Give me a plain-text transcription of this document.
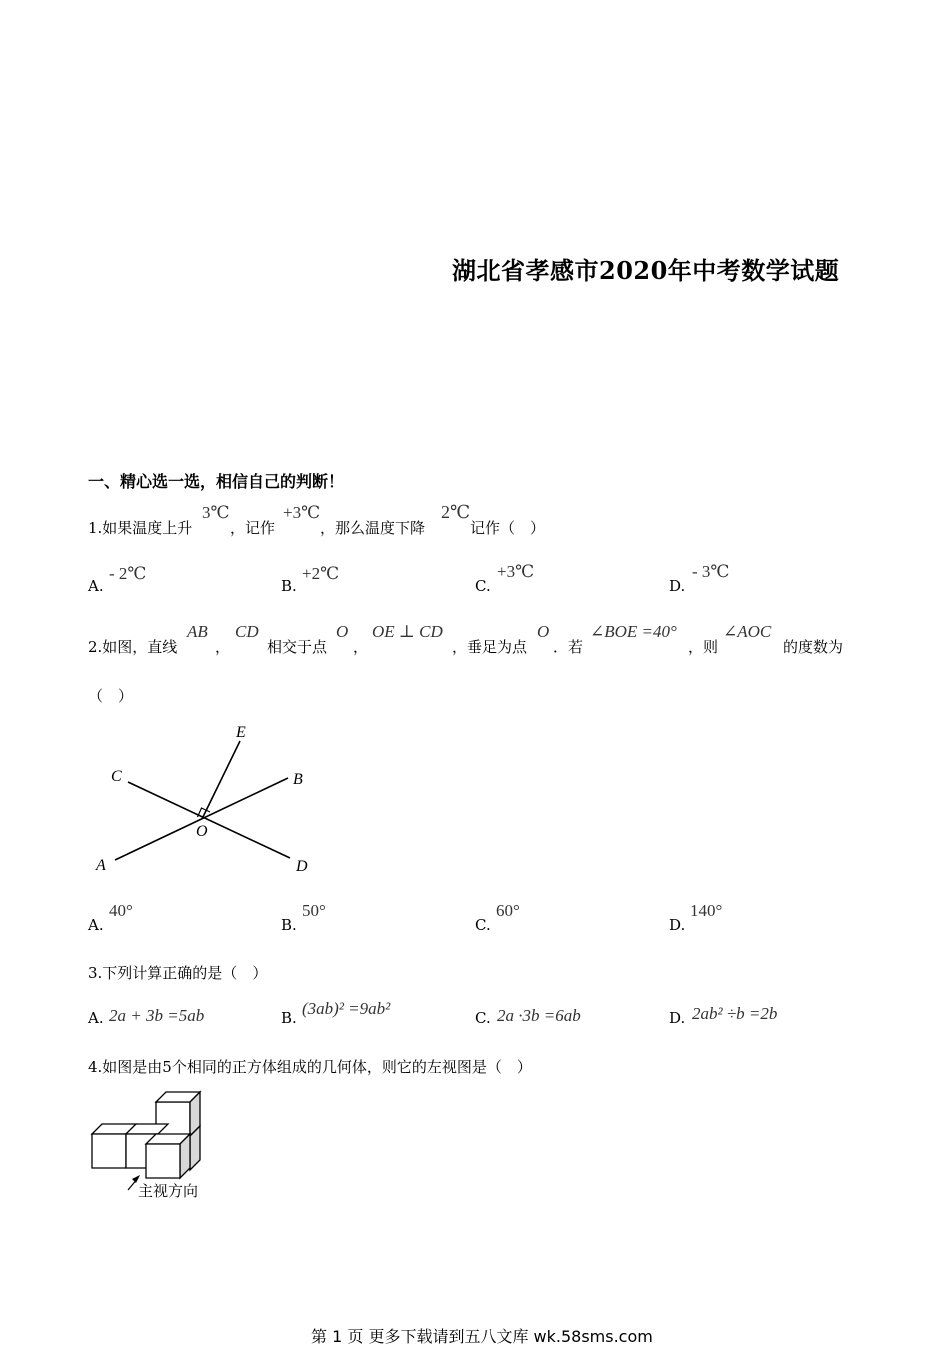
湖北省孝感市2020年中考数学试题
一、精心选一选，相信自己的判断！
1.如果温度上升
3℃
，记作
+3℃
，那么温度下降
2℃
记作（　）
A.
- 2℃
B.
+2℃
C.
+3℃
D.
- 3℃
2.如图，直线
AB
，
CD
相交于点
O
，
OE ⊥ CD
，垂足为点
O
．若
∠BOE =40°
，则
∠AOC
的度数为
（　）
E
C	B
O
A	D
A.
40°
B.
50°
C.
60°
D.
140°
3.下列计算正确的是（　）
A. 2a + 3b =5ab	B. (3ab)² =9ab²	C. 2a ·3b =6ab	D. 2ab² ÷b =2b
4.如图是由5个相同的正方体组成的几何体，则它的左视图是（　）
主视方向
第 1 页 更多下载请到五八文库 wk.58sms.com
